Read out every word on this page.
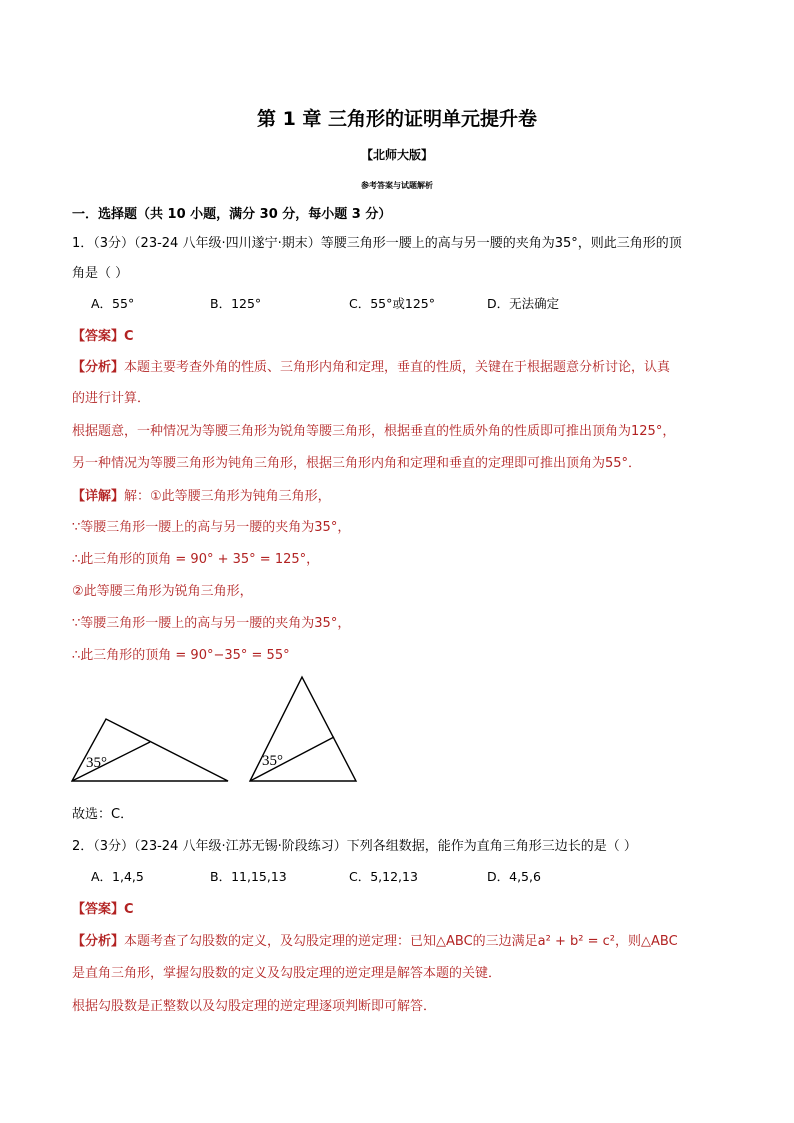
第 1 章 三角形的证明单元提升卷
【北师大版】
参考答案与试题解析
一．选择题（共 10 小题，满分 30 分，每小题 3 分）
1．（3分）（23-24 八年级·四川遂宁·期末）等腰三角形一腰上的高与另一腰的夹角为35°，则此三角形的顶
角是（ ）
A．55°	B．125°	C．55°或125°	D．无法确定
【答案】C
【分析】本题主要考查外角的性质、三角形内角和定理，垂直的性质，关键在于根据题意分析讨论，认真
的进行计算．
根据题意，一种情况为等腰三角形为锐角等腰三角形，根据垂直的性质外角的性质即可推出顶角为125°，
另一种情况为等腰三角形为钝角三角形，根据三角形内角和定理和垂直的定理即可推出顶角为55°．
【详解】解：①此等腰三角形为钝角三角形，
∵等腰三角形一腰上的高与另一腰的夹角为35°，
∴此三角形的顶角 = 90° + 35° = 125°，
②此等腰三角形为锐角三角形，
∵等腰三角形一腰上的高与另一腰的夹角为35°，
∴此三角形的顶角 = 90°−35° = 55°
35°	35°
故选：C．
2．（3分）（23-24 八年级·江苏无锡·阶段练习）下列各组数据，能作为直角三角形三边长的是（ ）
A．1,4,5	B．11,15,13	C．5,12,13	D．4,5,6
【答案】C
【分析】本题考查了勾股数的定义，及勾股定理的逆定理：已知△ABC的三边满足a² + b² = c²，则△ABC
是直角三角形，掌握勾股数的定义及勾股定理的逆定理是解答本题的关键．
根据勾股数是正整数以及勾股定理的逆定理逐项判断即可解答．
